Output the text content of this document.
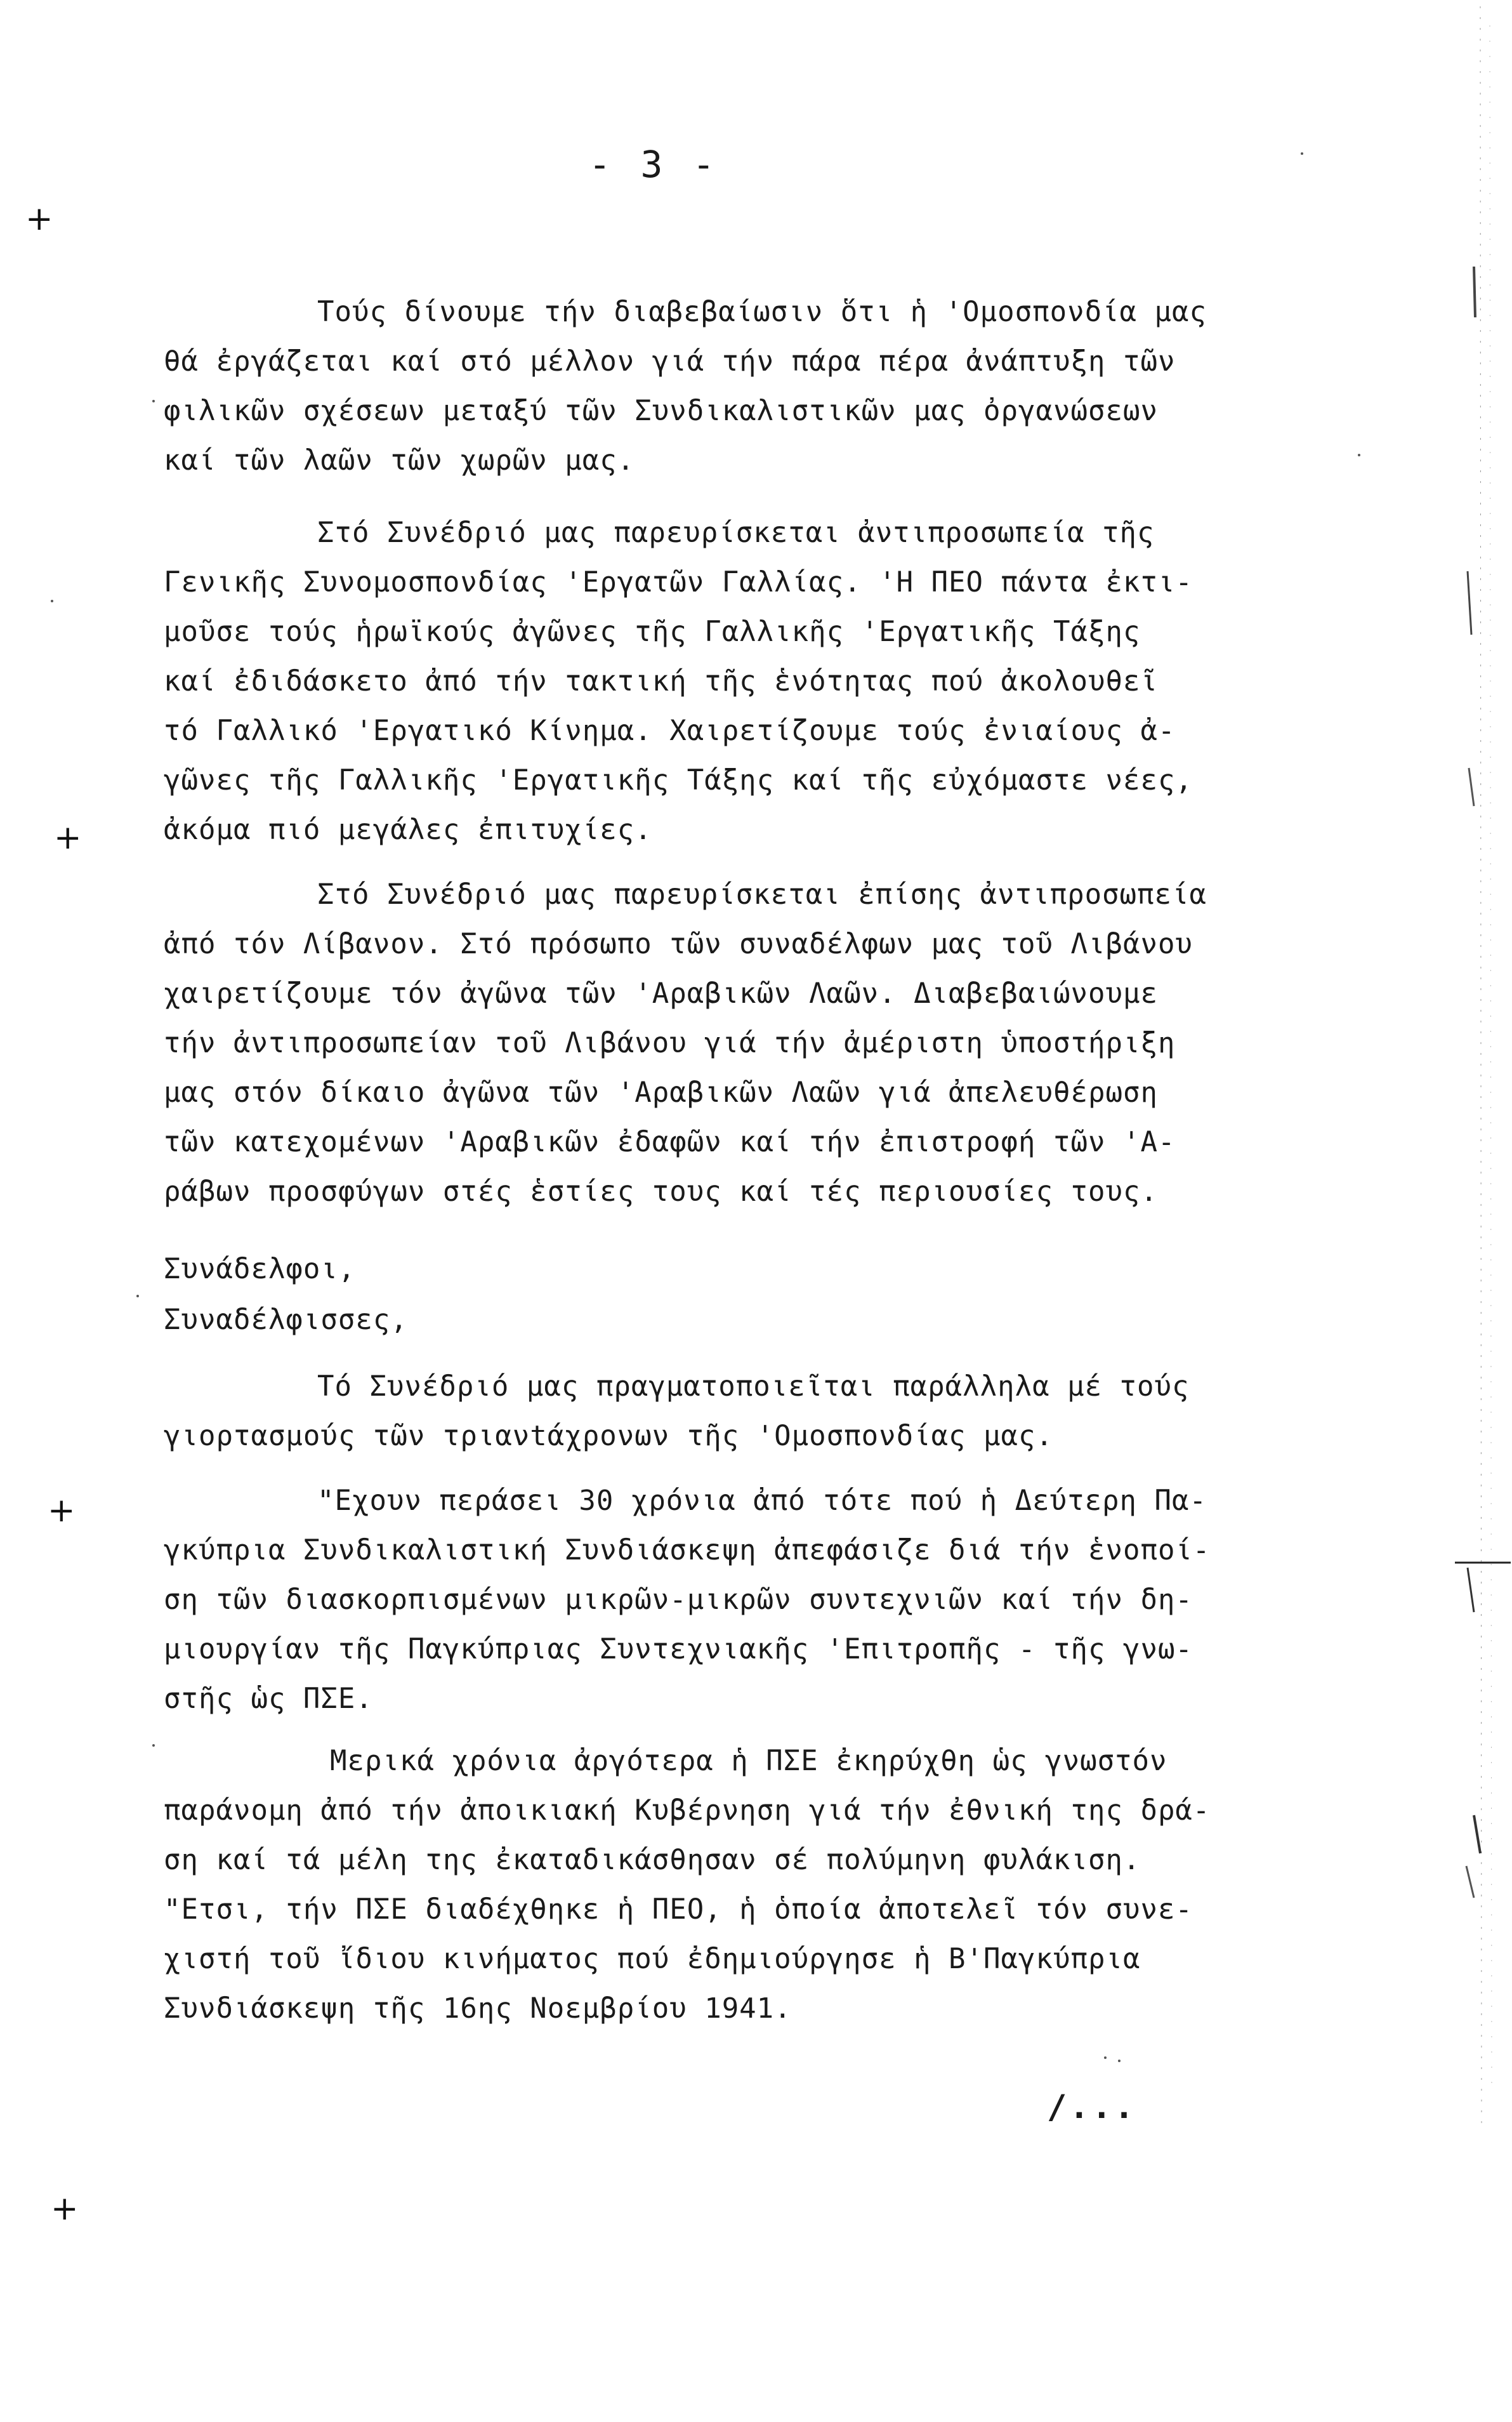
- 3 -
Τούς δίνουμε τήν διαβεβαίωσιν ὅτι ἡ 'Ομοσπονδία μας
θά ἐργάζεται καί στό μέλλον γιά τήν πάρα πέρα ἀνάπτυξη τῶν
φιλικῶν σχέσεων μεταξύ τῶν Συνδικαλιστικῶν μας ὀργανώσεων
καί τῶν λαῶν τῶν χωρῶν μας.
Στό Συνέδριό μας παρευρίσκεται ἀντιπροσωπεία τῆς
Γενικῆς Συνομοσπονδίας 'Εργατῶν Γαλλίας. 'Η ΠΕΟ πάντα ἐκτι-
μοῦσε τούς ἡρωϊκούς ἀγῶνες τῆς Γαλλικῆς 'Εργατικῆς Τάξης
καί ἐδιδάσκετο ἀπό τήν τακτική τῆς ἑνότητας πού ἀκολουθεῖ
τό Γαλλικό 'Εργατικό Κίνημα. Χαιρετίζουμε τούς ἐνιαίους ἀ-
γῶνες τῆς Γαλλικῆς 'Εργατικῆς Τάξης καί τῆς εὐχόμαστε νέες,
ἀκόμα πιό μεγάλες ἐπιτυχίες.
Στό Συνέδριό μας παρευρίσκεται ἐπίσης ἀντιπροσωπεία
ἀπό τόν Λίβανον. Στό πρόσωπο τῶν συναδέλφων μας τοῦ Λιβάνου
χαιρετίζουμε τόν ἀγῶνα τῶν 'Αραβικῶν Λαῶν. Διαβεβαιώνουμε
τήν ἀντιπροσωπείαν τοῦ Λιβάνου γιά τήν ἀμέριστη ὑποστήριξη
μας στόν δίκαιο ἀγῶνα τῶν 'Αραβικῶν Λαῶν γιά ἀπελευθέρωση
τῶν κατεχομένων 'Αραβικῶν ἐδαφῶν καί τήν ἐπιστροφή τῶν 'Α-
ράβων προσφύγων στές ἑστίες τους καί τές περιουσίες τους.
Συνάδελφοι,
Συναδέλφισσες,
Τό Συνέδριό μας πραγματοποιεῖται παράλληλα μέ τούς
γιορτασμούς τῶν τριανtάχρονων τῆς 'Ομοσπονδίας μας.
"Εχουν περάσει 30 χρόνια ἀπό τότε πού ἡ Δεύτερη Πα-
γκύπρια Συνδικαλιστική Συνδιάσκεψη ἀπεφάσιζε διά τήν ἑνοποί-
ση τῶν διασκορπισμένων μικρῶν-μικρῶν συντεχνιῶν καί τήν δη-
μιουργίαν τῆς Παγκύπριας Συντεχνιακῆς 'Επιτροπῆς - τῆς γνω-
στῆς ὡς ΠΣΕ.
Μερικά χρόνια ἀργότερα ἡ ΠΣΕ ἐκηρύχθη ὡς γνωστόν
παράνομη ἀπό τήν ἀποικιακή Κυβέρνηση γιά τήν ἐθνική της δρά-
ση καί τά μέλη της ἐκαταδικάσθησαν σέ πολύμηνη φυλάκιση.
"Ετσι, τήν ΠΣΕ διαδέχθηκε ἡ ΠΕΟ, ἡ ὁποία ἀποτελεῖ τόν συνε-
χιστή τοῦ ἴδιου κινήματος πού ἐδημιούργησε ἡ Β'Παγκύπρια
Συνδιάσκεψη τῆς 16ης Νοεμβρίου 1941.
/...
+
+
+
+
